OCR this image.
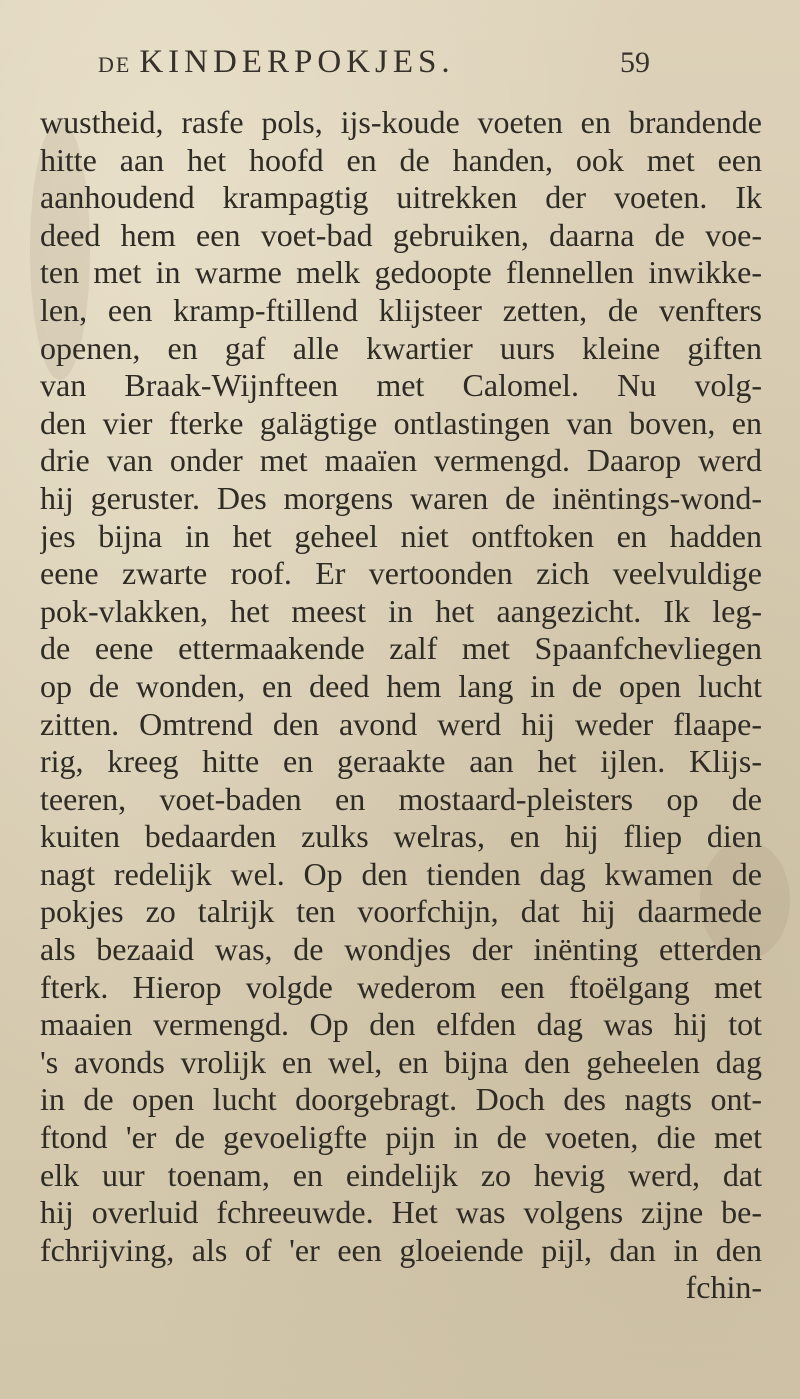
DE KINDERPOKJES.	59
wustheid, rasfe pols, ijs-koude voeten en brandende
hitte aan het hoofd en de handen, ook met een
aanhoudend krampagtig uitrekken der voeten. Ik
deed hem een voet-bad gebruiken, daarna de voe-
ten met in warme melk gedoopte flennellen inwikke-
len, een kramp-ftillend klijsteer zetten, de venfters
openen, en gaf alle kwartier uurs kleine giften
van Braak-Wijnfteen met Calomel. Nu volg-
den vier fterke galägtige ontlastingen van boven, en
drie van onder met maaïen vermengd. Daarop werd
hij geruster. Des morgens waren de inëntings-wond-
jes bijna in het geheel niet ontftoken en hadden
eene zwarte roof. Er vertoonden zich veelvuldige
pok-vlakken, het meest in het aangezicht. Ik leg-
de eene ettermaakende zalf met Spaanfchevliegen
op de wonden, en deed hem lang in de open lucht
zitten. Omtrend den avond werd hij weder flaape-
rig, kreeg hitte en geraakte aan het ijlen. Klijs-
teeren, voet-baden en mostaard-pleisters op de
kuiten bedaarden zulks welras, en hij fliep dien
nagt redelijk wel. Op den tienden dag kwamen de
pokjes zo talrijk ten voorfchijn, dat hij daarmede
als bezaaid was, de wondjes der inënting etterden
fterk. Hierop volgde wederom een ftoëlgang met
maaien vermengd. Op den elfden dag was hij tot
's avonds vrolijk en wel, en bijna den geheelen dag
in de open lucht doorgebragt. Doch des nagts ont-
ftond 'er de gevoeligfte pijn in de voeten, die met
elk uur toenam, en eindelijk zo hevig werd, dat
hij overluid fchreeuwde. Het was volgens zijne be-
fchrijving, als of 'er een gloeiende pijl, dan in den
fchin-
